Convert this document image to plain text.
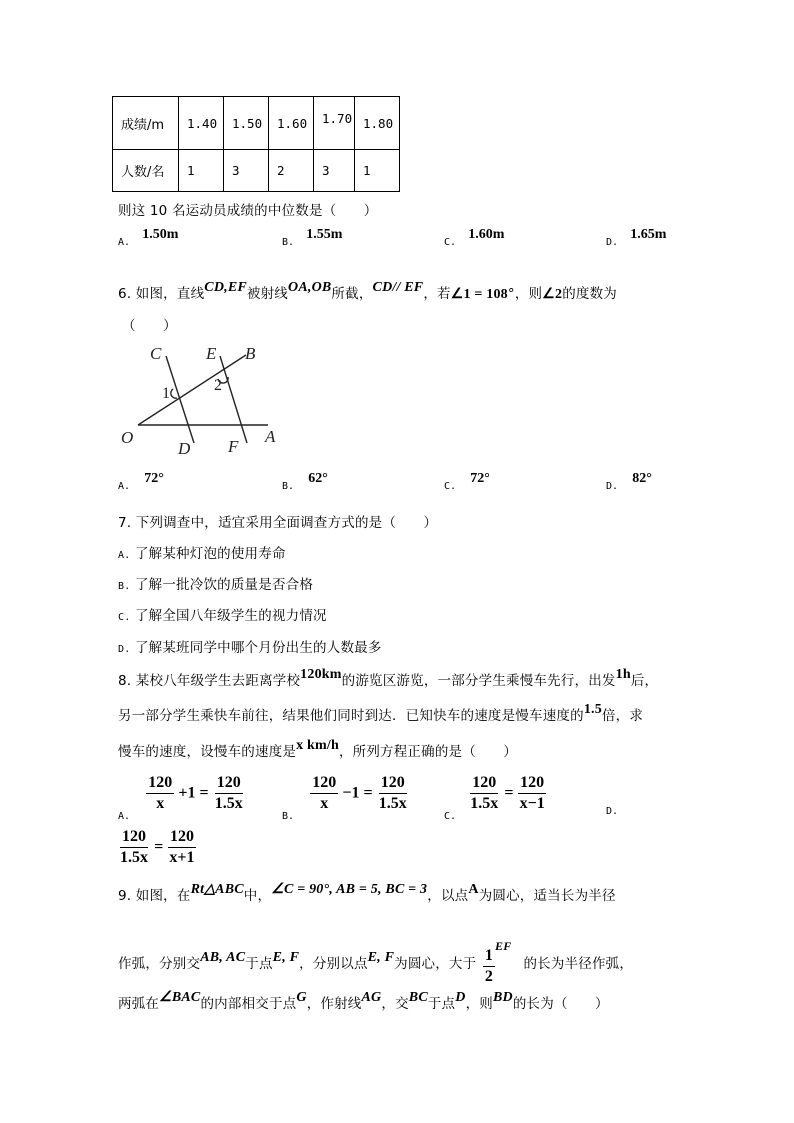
成绩/m	1.40	1.50	1.60	1.70	1.80
人数/名	1	3	2	3	1
则这 10 名运动员成绩的中位数是（　　）
A. 1.50m
B. 1.55m
C. 1.60m
D. 1.65m
6. 如图，直线CD,EF被射线OA,OB所截，CD// EF，若∠1 = 108°，则∠2的度数为
（　　）
C	E B
O
D F
A
1	2
A. 72°
B. 62°
C. 72°
D. 82°
7. 下列调查中，适宜采用全面调查方式的是（　　）
A. 了解某种灯泡的使用寿命
B. 了解一批冷饮的质量是否合格
C. 了解全国八年级学生的视力情况
D. 了解某班同学中哪个月份出生的人数最多
8. 某校八年级学生去距离学校120km的游览区游览，一部分学生乘慢车先行，出发1h后，
另一部分学生乘快车前往，结果他们同时到达．已知快车的速度是慢车速度的1.5倍，求
慢车的速度，设慢车的速度是x km/h，所列方程正确的是（　　）
$_{A.}$
$\frac{120}{x} +1 = \frac{120}{1.5x}$
$_{B.}$
$\frac{120}{x} -1 = \frac{120}{1.5x}$
$_{C.}$
$\frac{120}{1.5x} = \frac{120}{x-1}$	D.
$\frac{120}{1.5x} = \frac{120}{x+1}$
9. 如图，在Rt△ABC中，∠C = 90°, AB = 5, BC = 3，以点A为圆心，适当长为半径
作弧，分别交AB, AC于点E, F，分别以点E, F为圆心，大于 $\frac{1}{2}$
EF的长为半径作弧，
两弧在∠BAC的内部相交于点G，作射线AG，交BC于点D，则BD的长为（　　）
